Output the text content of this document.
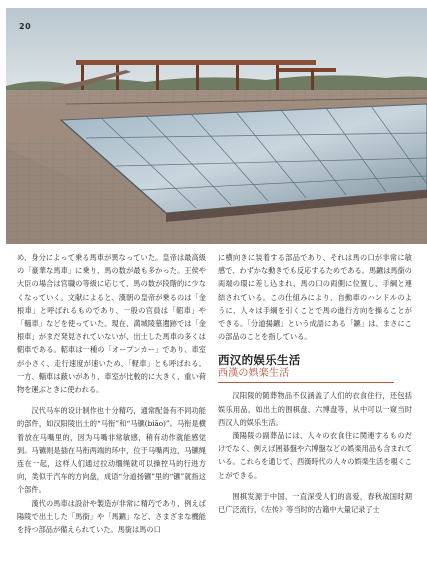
20

め、身分によって乗る馬車が異なっていた。皇帝は最高級の「豪華な馬車」に乗り、馬の数が最も多かった。王侯や大臣の場合は官職の等級に応じて、馬の数が段階的に少なくなっていく。文献によると、漢朝の皇帝が乗るのは「金根車」と呼ばれるものであり、一般の官員は「軺車」や「輜車」などを使っていた。現在、満城陵墓遺跡では「金根車」がまだ発見されていないが、出土した馬車の多くは軺車である。軺車は一種の「オープンカー」であり、車室が小さく、走行速度が速いため、「軽車」とも呼ばれる。一方、輜車は蔽いがあり、車室が比較的に大きく、重い荷物を運ぶときに使われる。

汉代马车的设计制作也十分精巧，通常配备有不同功能的部件，如汉阳陵出土的“马衔”和“马镳(biāo)”。马衔是横着放在马嘴里的，因为马嘴非常敏感，稍有动作就能感觉到。马镳则是插在马衔两端的环中，位于马嘴两边，马镳绳连在一起，这样人们通过拉动缰绳就可以操控马的行进方向，类似于汽车的方向盘，成语“分道扬镳”里的“镳”就指这个部件。

漢代の馬車は設計や製造が非常に精巧であり、例えば陽陵で出土した「馬銜」や「馬鑣」など、さまざまな機能を持つ部品が備えられていた。馬銜は馬の口

に横向きに装着する部品であり、それは馬の口が非常に敏感で、わずかな動きでも反応するためである。馬鑣は馬銜の両端の環に差し込まれ、馬の口の両側に位置し、手綱と連結されている。この仕組みにより、自動車のハンドルのように、人々は手綱を引くことで馬の進行方向を操ることができる。「分道揚鑣」という成語にある「鑣」は、まさにこの部品のことを指している。

西汉的娱乐生活
西漢の娯楽生活

汉阳陵的随葬物品不仅涵盖了人们的衣食住行，还包括娱乐用品，如出土的围棋盘、六博盘等，从中可以一窥当时西汉人的娱乐生活。

漢陽陵の副葬品には、人々の衣食住に関連するものだけでなく、例えば囲碁盤や六博盤などの娯楽用品も含まれている。これらを通じて、西漢時代の人々の娯楽生活を覗くことができる。

围棋发源于中国，一直深受人们的喜爱，春秋战国时期已广泛流行，《左传》等当时的古籍中大量记录了士
